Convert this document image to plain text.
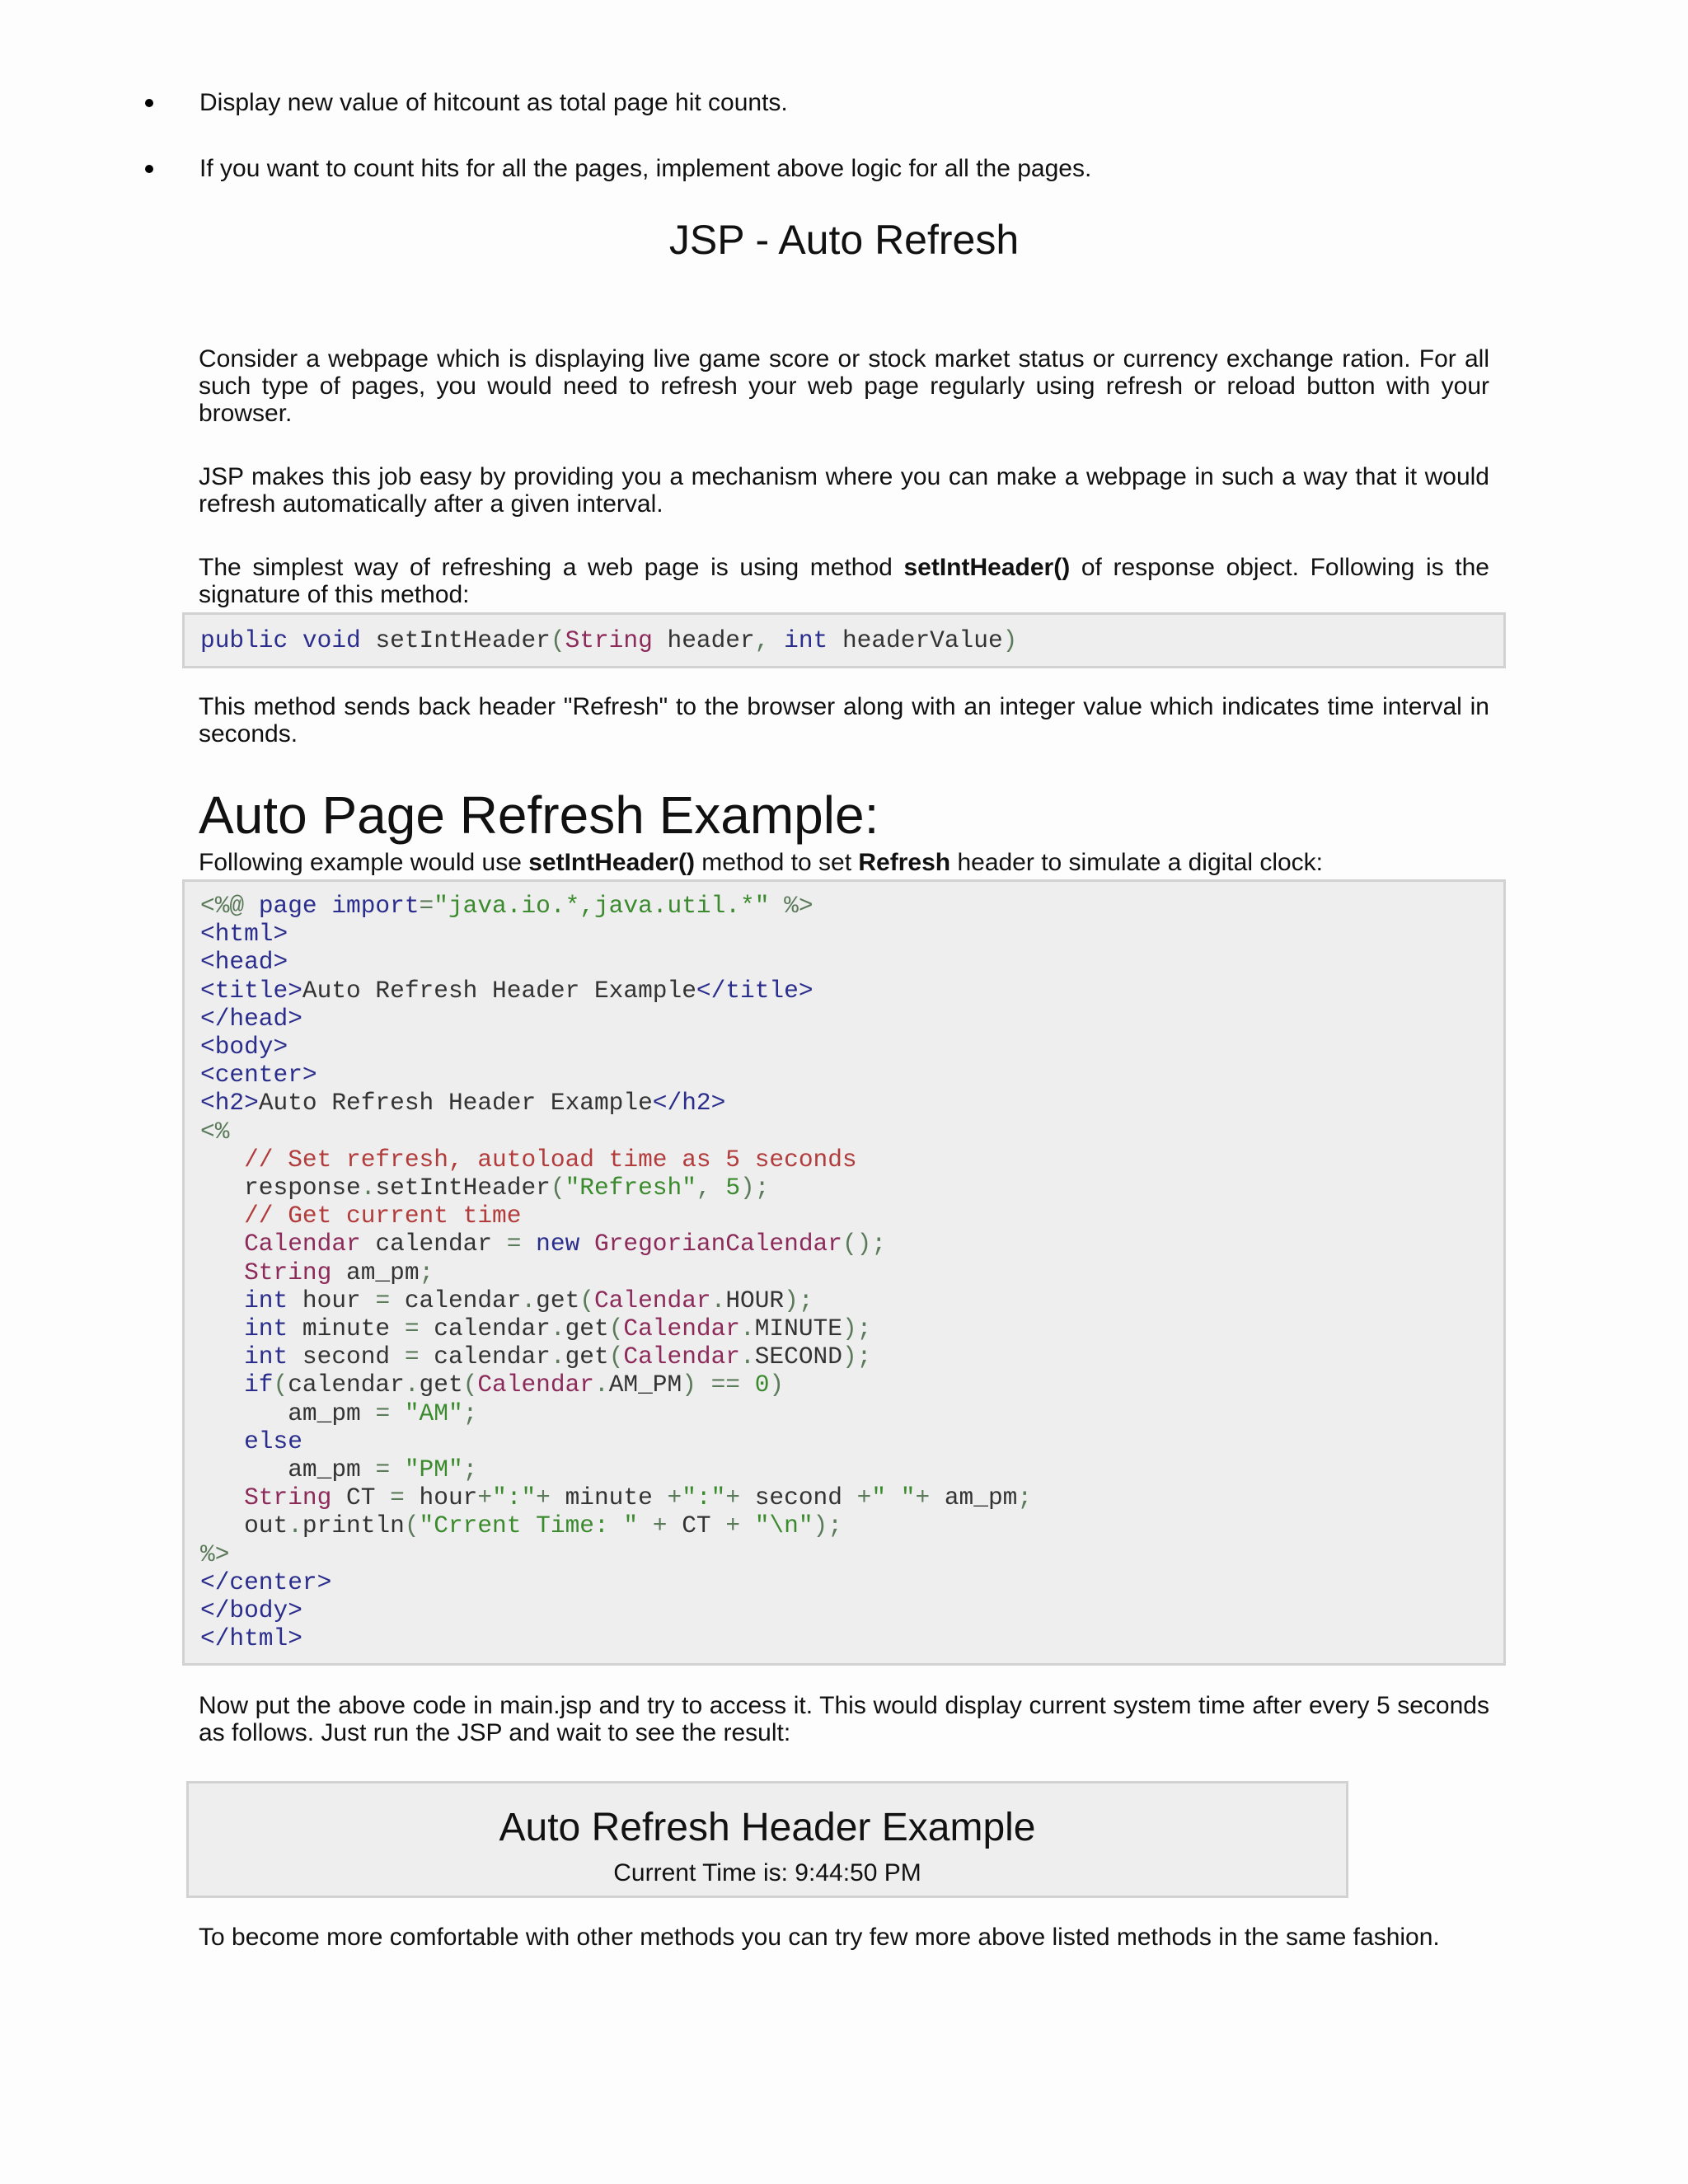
Display new value of hitcount as total page hit counts.
If you want to count hits for all the pages, implement above logic for all the pages.
JSP - Auto Refresh
Consider a webpage which is displaying live game score or stock market status or currency exchange ration. For all such type of pages, you would need to refresh your web page regularly using refresh or reload button with your browser.
JSP makes this job easy by providing you a mechanism where you can make a webpage in such a way that it would refresh automatically after a given interval.
The simplest way of refreshing a web page is using method setIntHeader() of response object. Following is the signature of this method:
public void setIntHeader(String header, int headerValue)
This method sends back header "Refresh" to the browser along with an integer value which indicates time interval in seconds.
Auto Page Refresh Example:
Following example would use setIntHeader() method to set Refresh header to simulate a digital clock:
<%@ page import="java.io.*,java.util.*" %>
<html>
<head>
<title>Auto Refresh Header Example</title>
</head>
<body>
<center>
<h2>Auto Refresh Header Example</h2>
<%
// Set refresh, autoload time as 5 seconds
response.setIntHeader("Refresh", 5);
// Get current time
Calendar calendar = new GregorianCalendar();
String am_pm;
int hour = calendar.get(Calendar.HOUR);
int minute = calendar.get(Calendar.MINUTE);
int second = calendar.get(Calendar.SECOND);
if(calendar.get(Calendar.AM_PM) == 0)
am_pm = "AM";
else
am_pm = "PM";
String CT = hour+":"+ minute +":"+ second +" "+ am_pm;
out.println("Crrent Time: " + CT + "\n");
%>
</center>
</body>
</html>
Now put the above code in main.jsp and try to access it. This would display current system time after every 5 seconds as follows. Just run the JSP and wait to see the result:
Auto Refresh Header Example
Current Time is: 9:44:50 PM
To become more comfortable with other methods you can try few more above listed methods in the same fashion.
